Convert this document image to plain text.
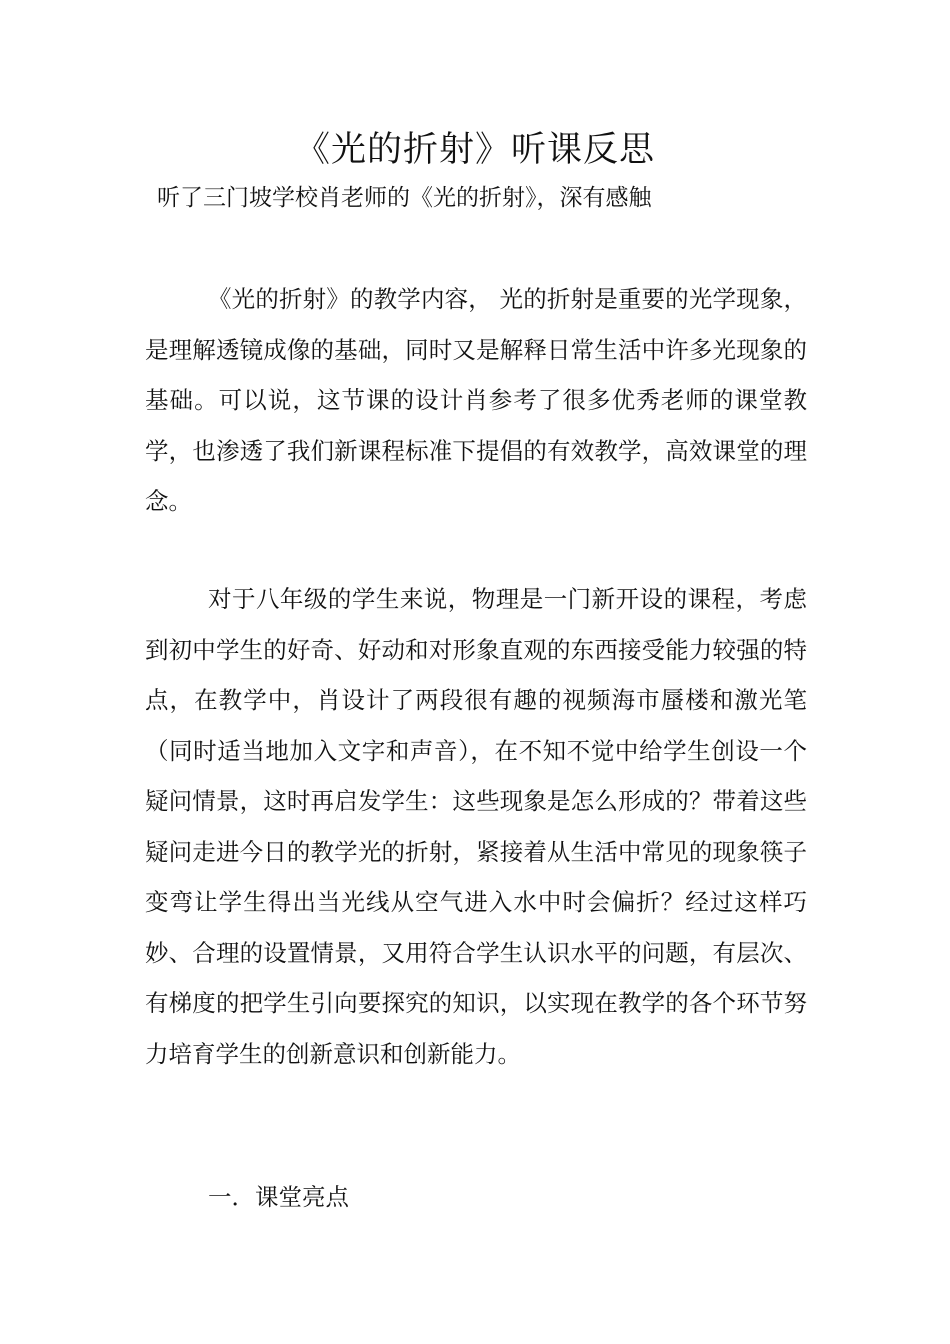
《光的折射》听课反思

听了三门坡学校肖老师的《光的折射》，深有感触

《光的折射》的教学内容， 光的折射是重要的光学现象，是理解透镜成像的基础，同时又是解释日常生活中许多光现象的基础。可以说，这节课的设计肖参考了很多优秀老师的课堂教学，也渗透了我们新课程标准下提倡的有效教学，高效课堂的理念。

对于八年级的学生来说，物理是一门新开设的课程，考虑到初中学生的好奇、好动和对形象直观的东西接受能力较强的特点，在教学中，肖设计了两段很有趣的视频海市蜃楼和激光笔（同时适当地加入文字和声音），在不知不觉中给学生创设一个疑问情景，这时再启发学生：这些现象是怎么形成的？带着这些疑问走进今日的教学光的折射，紧接着从生活中常见的现象筷子变弯让学生得出当光线从空气进入水中时会偏折？经过这样巧妙、合理的设置情景，又用符合学生认识水平的问题，有层次、有梯度的把学生引向要探究的知识，以实现在教学的各个环节努力培育学生的创新意识和创新能力。

一．课堂亮点
